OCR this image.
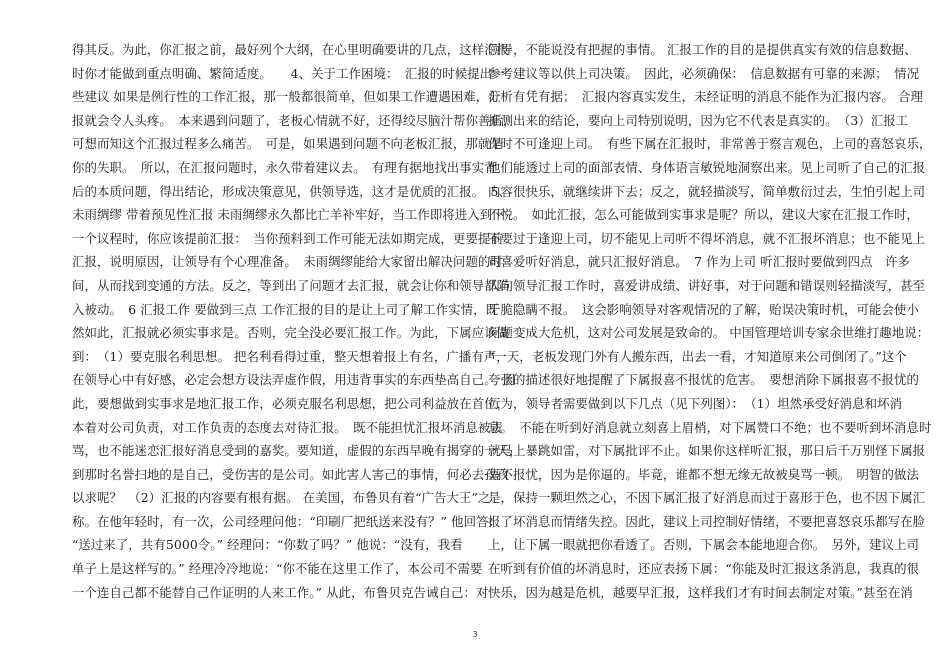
得其反。为此，你汇报之前，最好列个大纲，在心里明确要讲的几点，这样汇报
时你才能做到重点明确、繁简适度。　　4、关于工作困境：　汇报的时候提出一
些建议 如果是例行性的工作汇报，那一般都很简单，但如果工作遭遇困难，汇
报就会令人头疼。　本来遇到问题了，老板心情就不好，还得绞尽脑汁帮你善后，
可想而知这个汇报过程多么痛苦。　可是，如果遇到问题不向老板汇报，那就是
你的失职。　所以，在汇报问题时，永久带着建议去。　有理有据地找出事实背
后的本质问题，得出结论，形成决策意见，供领导选，这才是优质的汇报。　5、
未雨绸缪 带着预见性汇报 未雨绸缪永久都比亡羊补牢好，当工作即将进入到下
一个议程时，你应该提前汇报：　当你预料到工作可能无法如期完成，更要提前
汇报，说明原因，让领导有个心理准备。　未雨绸缪能给大家留出解决问题的时
间，从而找到变通的方法。反之，等到出了问题才去汇报，就会让你和领导都陷
入被动。　6 汇报工作 要做到三点 工作汇报的目的是让上司了解工作实情，既
然如此，汇报就必须实事求是。否则，完全没必要汇报工作。为此，下属应该做
到：　（1）要克服名利思想。 把名利看得过重，整天想着报上有名，广播有声，
在领导心中有好感，必定会想方设法弄虚作假，用违背事实的东西垫高自己。　因
此，要想做到实事求是地汇报工作，必须克服名利思想，把公司利益放在首位，
本着对公司负责，对工作负责的态度去对待汇报。　既不能担忧汇报坏消息被责
骂，也不能迷恋汇报好消息受到的嘉奖。要知道，虚假的东西早晚有揭穿的一天，
到那时名誉扫地的是自己，受伤害的是公司。如此害人害己的事情，何必去孜孜
以求呢？　（2）汇报的内容要有根有据。 在美国，布鲁贝有着“广告大王”之
称。在他年轻时，有一次，公司经理问他：“印刷厂把纸送来没有？” 他回答：
“送过来了，共有5000令。” 经理问：“你数了吗？” 他说：“没有，我看
单子上是这样写的。” 经理冷冷地说：“你不能在这里工作了，本公司不需要
一个连自己都不能替自己作证明的人来工作。” 从此，布鲁贝克告诫自己：对
领导，不能说没有把握的事情。 汇报工作的目的是提供真实有效的信息数据、
参考建议等以供上司决策。　因此，必须确保：　信息数据有可靠的来源；　情况
分析有凭有据；　汇报内容真实发生，未经证明的消息不能作为汇报内容。 合理
推测出来的结论，要向上司特别说明，因为它不代表是真实的。　（3）汇报工
作时不可逢迎上司。　有些下属在汇报时，非常善于察言观色，上司的喜怒哀乐，
他们能透过上司的面部表情、身体语言敏锐地洞察出来。见上司听了自己的汇报
内容很快乐，就继续讲下去；反之，就轻描淡写，简单敷衍过去，生怕引起上司
不悦。　如此汇报，怎么可能做到实事求是呢？所以，建议大家在汇报工作时，
不要过于逢迎上司，切不能见上司听不得坏消息，就不汇报坏消息；也不能见上
司喜爱听好消息，就只汇报好消息。　7 作为上司 听汇报时要做到四点　许多
人向领导汇报工作时，喜爱讲成绩、讲好事，对于问题和错误则轻描淡写，甚至
干脆隐瞒不报。　这会影响领导对客观情况的了解，贻误决策时机，可能会使小
问题变成大危机，这对公司发展是致命的。 中国管理培训专家余世维打趣地说：
“一天，老板发现门外有人搬东西，出去一看，才知道原来公司倒闭了。”这个
夸张的描述很好地提醒了下属报喜不报忧的危害。　要想消除下属报喜不报忧的
行为，领导者需要做到以下几点（见下列图）：　（1）坦然承受好消息和坏消
息。　不能在听到好消息就立刻喜上眉梢，对下属赞口不绝；也不要听到坏消息时
就马上暴跳如雷，对下属批评不止。如果你这样听汇报，那日后千万别怪下属报
喜不报忧，因为是你逼的。毕竟，谁都不想无缘无故被臭骂一顿。　明智的做法
是，保持一颗坦然之心，不因下属汇报了好消息而过于喜形于色，也不因下属汇
报了坏消息而情绪失控。因此，建议上司控制好情绪，不要把喜怒哀乐都写在脸
上，让下属一眼就把你看透了。否则，下属会本能地迎合你。　另外，建议上司
在听到有价值的坏消息时，还应表扬下属：“你能及时汇报这条消息，我真的很
快乐，因为越是危机，越要早汇报，这样我们才有时间去制定对策。”甚至在消
3
